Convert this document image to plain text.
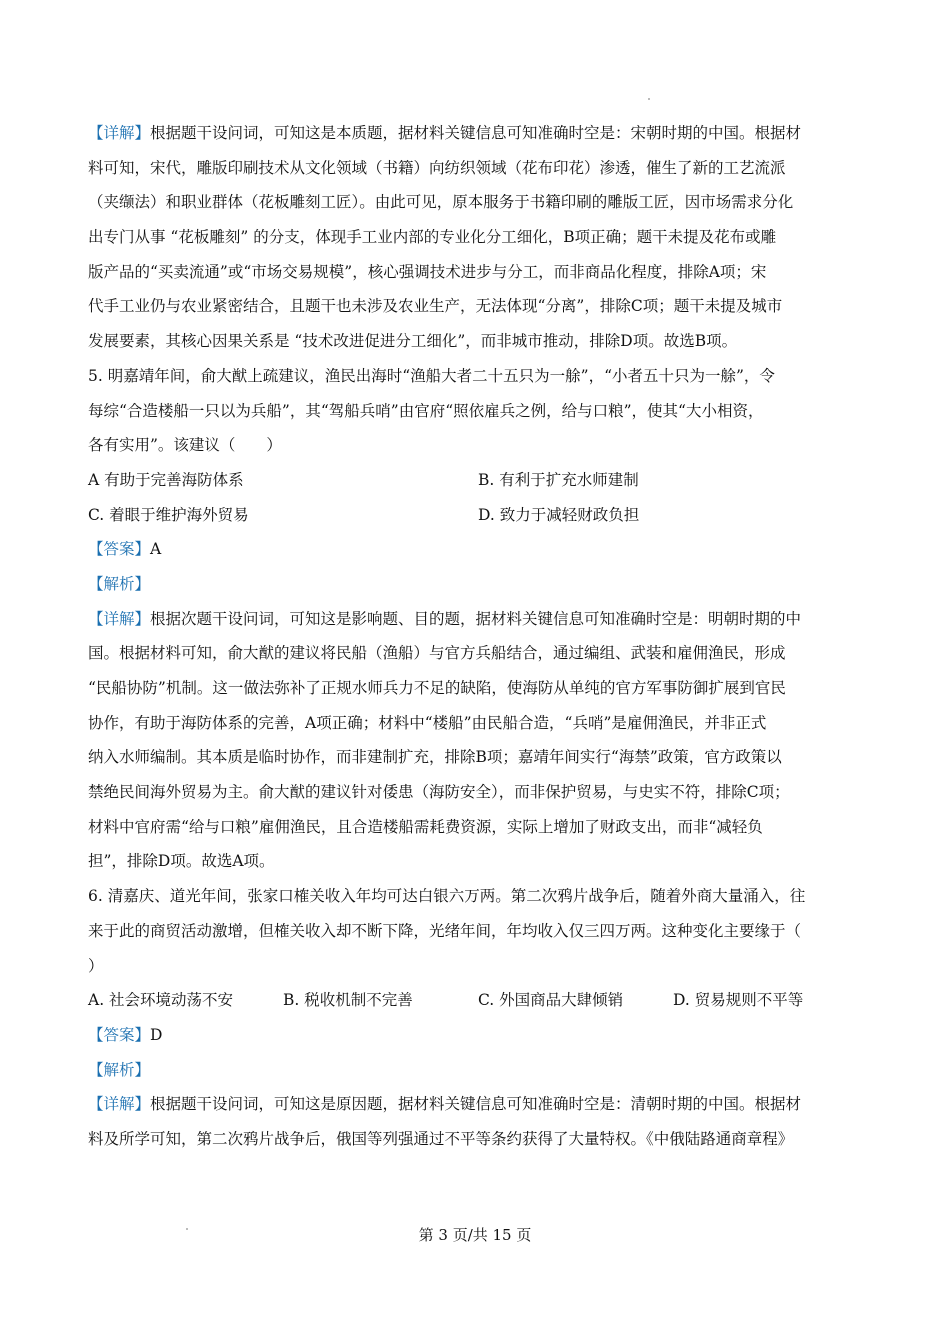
【详解】根据题干设问词，可知这是本质题，据材料关键信息可知准确时空是：宋朝时期的中国。根据材
料可知，宋代，雕版印刷技术从文化领域（书籍）向纺织领域（花布印花）渗透，催生了新的工艺流派
（夹缬法）和职业群体（花板雕刻工匠）。由此可见，原本服务于书籍印刷的雕版工匠，因市场需求分化
出专门从事 “花板雕刻” 的分支，体现手工业内部的专业化分工细化，B项正确；题干未提及花布或雕
版产品的“买卖流通”或“市场交易规模”，核心强调技术进步与分工，而非商品化程度，排除A项；宋
代手工业仍与农业紧密结合，且题干也未涉及农业生产，无法体现“分离”，排除C项；题干未提及城市
发展要素，其核心因果关系是 “技术改进促进分工细化”，而非城市推动，排除D项。故选B项。
5. 明嘉靖年间，俞大猷上疏建议，渔民出海时“渔船大者二十五只为一艅”，“小者五十只为一艅”，令
每综“合造楼船一只以为兵船”，其“驾船兵哨”由官府“照依雇兵之例，给与口粮”，使其“大小相资，
各有实用”。该建议（　　）
A 有助于完善海防体系	B. 有利于扩充水师建制
C. 着眼于维护海外贸易	D. 致力于减轻财政负担
【答案】A
【解析】
【详解】根据次题干设问词，可知这是影响题、目的题，据材料关键信息可知准确时空是：明朝时期的中
国。根据材料可知，俞大猷的建议将民船（渔船）与官方兵船结合，通过编组、武装和雇佣渔民，形成
“民船协防”机制。这一做法弥补了正规水师兵力不足的缺陷，使海防从单纯的官方军事防御扩展到官民
协作，有助于海防体系的完善，A项正确；材料中“楼船”由民船合造，“兵哨”是雇佣渔民，并非正式
纳入水师编制。其本质是临时协作，而非建制扩充，排除B项；嘉靖年间实行“海禁”政策，官方政策以
禁绝民间海外贸易为主。俞大猷的建议针对倭患（海防安全），而非保护贸易，与史实不符，排除C项；
材料中官府需“给与口粮”雇佣渔民，且合造楼船需耗费资源，实际上增加了财政支出，而非“减轻负
担”，排除D项。故选A项。
6. 清嘉庆、道光年间，张家口榷关收入年均可达白银六万两。第二次鸦片战争后，随着外商大量涌入，往
来于此的商贸活动激增，但榷关收入却不断下降，光绪年间，年均收入仅三四万两。这种变化主要缘于（
）
A. 社会环境动荡不安	B. 税收机制不完善	C. 外国商品大肆倾销	D. 贸易规则不平等
【答案】D
【解析】
【详解】根据题干设问词，可知这是原因题，据材料关键信息可知准确时空是：清朝时期的中国。根据材
料及所学可知，第二次鸦片战争后，俄国等列强通过不平等条约获得了大量特权。《中俄陆路通商章程》
第 3 页/共 15 页
